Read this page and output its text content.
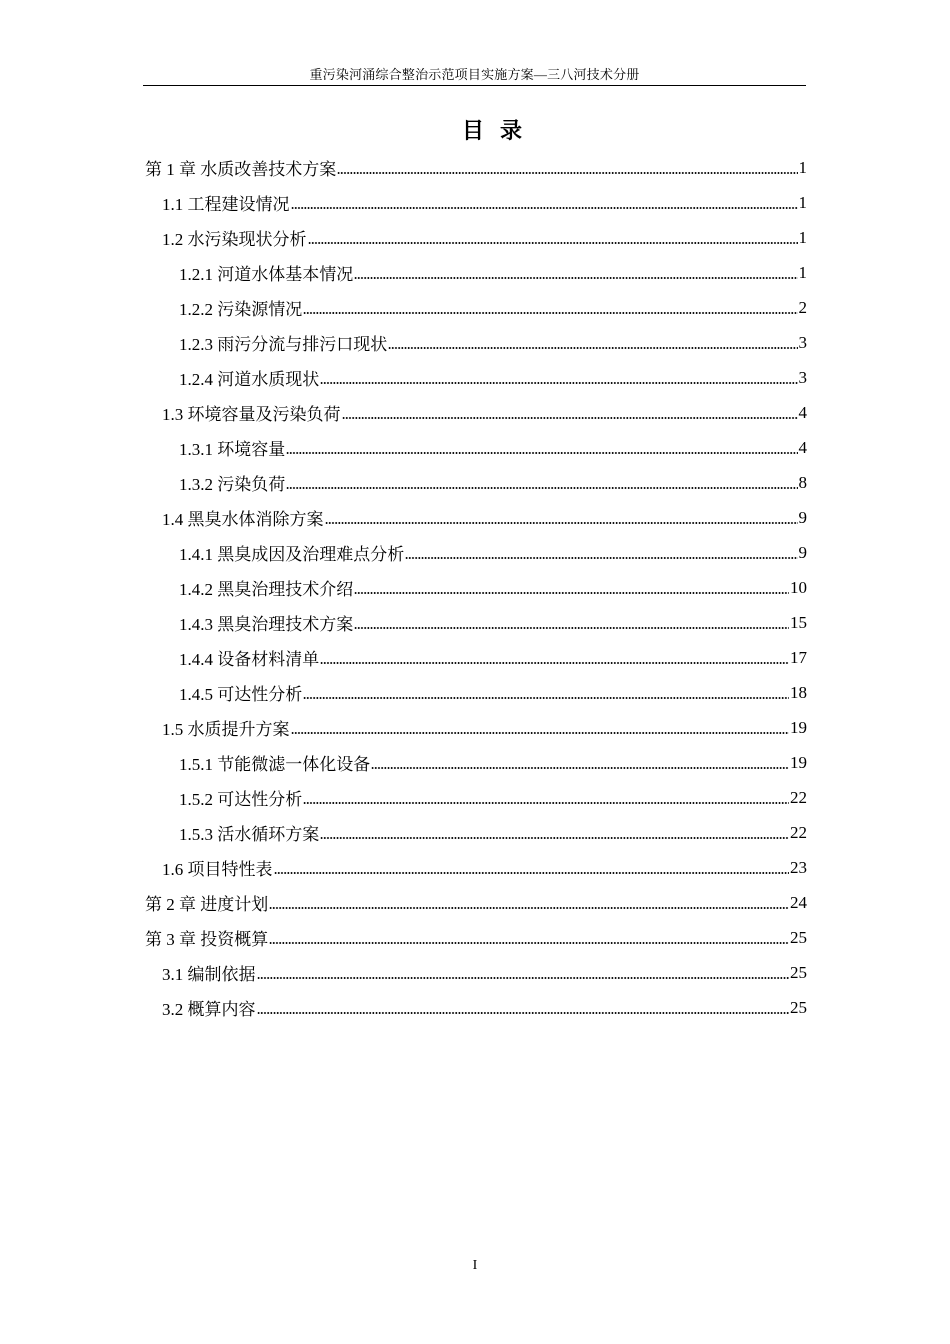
重污染河涌综合整治示范项目实施方案—三八河技术分册
目录
第 1 章 水质改善技术方案	1
1.1 工程建设情况	1
1.2 水污染现状分析	1
1.2.1 河道水体基本情况	1
1.2.2 污染源情况	2
1.2.3 雨污分流与排污口现状	3
1.2.4 河道水质现状	3
1.3 环境容量及污染负荷	4
1.3.1 环境容量	4
1.3.2 污染负荷	8
1.4 黑臭水体消除方案	9
1.4.1 黑臭成因及治理难点分析	9
1.4.2 黑臭治理技术介绍	10
1.4.3 黑臭治理技术方案	15
1.4.4 设备材料清单	17
1.4.5 可达性分析	18
1.5 水质提升方案	19
1.5.1 节能微滤一体化设备	19
1.5.2 可达性分析	22
1.5.3 活水循环方案	22
1.6 项目特性表	23
第 2 章 进度计划	24
第 3 章 投资概算	25
3.1 编制依据	25
3.2 概算内容	25
I
